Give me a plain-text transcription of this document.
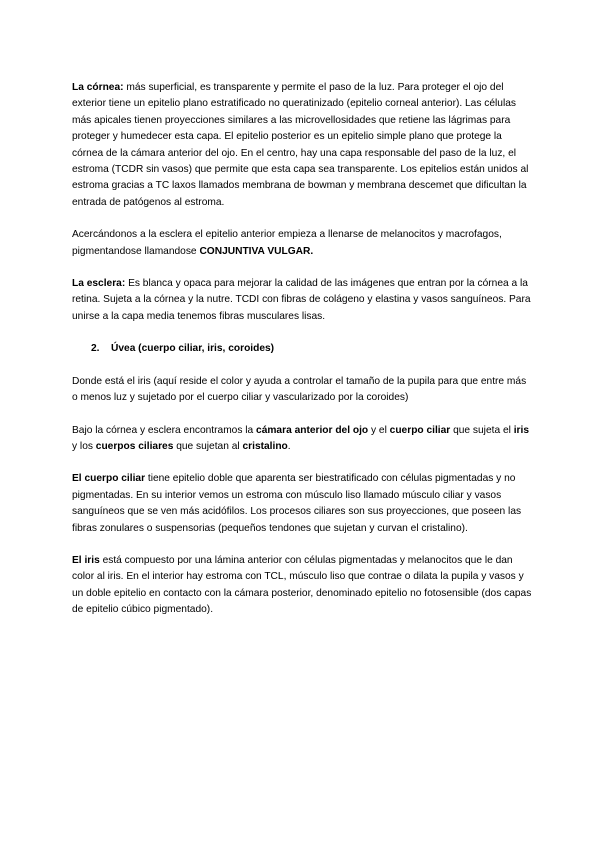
La córnea: más superficial, es transparente y permite el paso de la luz. Para proteger el ojo del exterior tiene un epitelio plano estratificado no queratinizado (epitelio corneal anterior). Las células más apicales tienen proyecciones similares a las microvellosidades que retiene las lágrimas para proteger y humedecer esta capa. El epitelio posterior es un epitelio simple plano que protege la córnea de la cámara anterior del ojo. En el centro, hay una capa responsable del paso de la luz, el estroma (TCDR sin vasos) que permite que esta capa sea transparente. Los epitelios están unidos al estroma gracias a TC laxos llamados membrana de bowman y membrana descemet que dificultan la entrada de patógenos al estroma.

Acercándonos a la esclera el epitelio anterior empieza a llenarse de melanocitos y macrofagos, pigmentandose llamandose CONJUNTIVA VULGAR.

La esclera: Es blanca y opaca para mejorar la calidad de las imágenes que entran por la córnea a la retina. Sujeta a la córnea y la nutre. TCDI con fibras de colágeno y elastina y vasos sanguíneos. Para unirse a la capa media tenemos fibras musculares lisas.

2. Úvea (cuerpo ciliar, iris, coroides)

Donde está el iris (aquí reside el color y ayuda a controlar el tamaño de la pupila para que entre más o menos luz y sujetado por el cuerpo ciliar y vascularizado por la coroides)

Bajo la córnea y esclera encontramos la cámara anterior del ojo y el cuerpo ciliar que sujeta el iris y los cuerpos ciliares que sujetan al cristalino.

El cuerpo ciliar tiene epitelio doble que aparenta ser biestratificado con células pigmentadas y no pigmentadas. En su interior vemos un estroma con músculo liso llamado músculo ciliar y vasos sanguíneos que se ven más acidófilos. Los procesos ciliares son sus proyecciones, que poseen las fibras zonulares o suspensorias (pequeños tendones que sujetan y curvan el cristalino).

El iris está compuesto por una lámina anterior con células pigmentadas y melanocitos que le dan color al iris. En el interior hay estroma con TCL, músculo liso que contrae o dilata la pupila y vasos y un doble epitelio en contacto con la cámara posterior, denominado epitelio no fotosensible (dos capas de epitelio cúbico pigmentado).
